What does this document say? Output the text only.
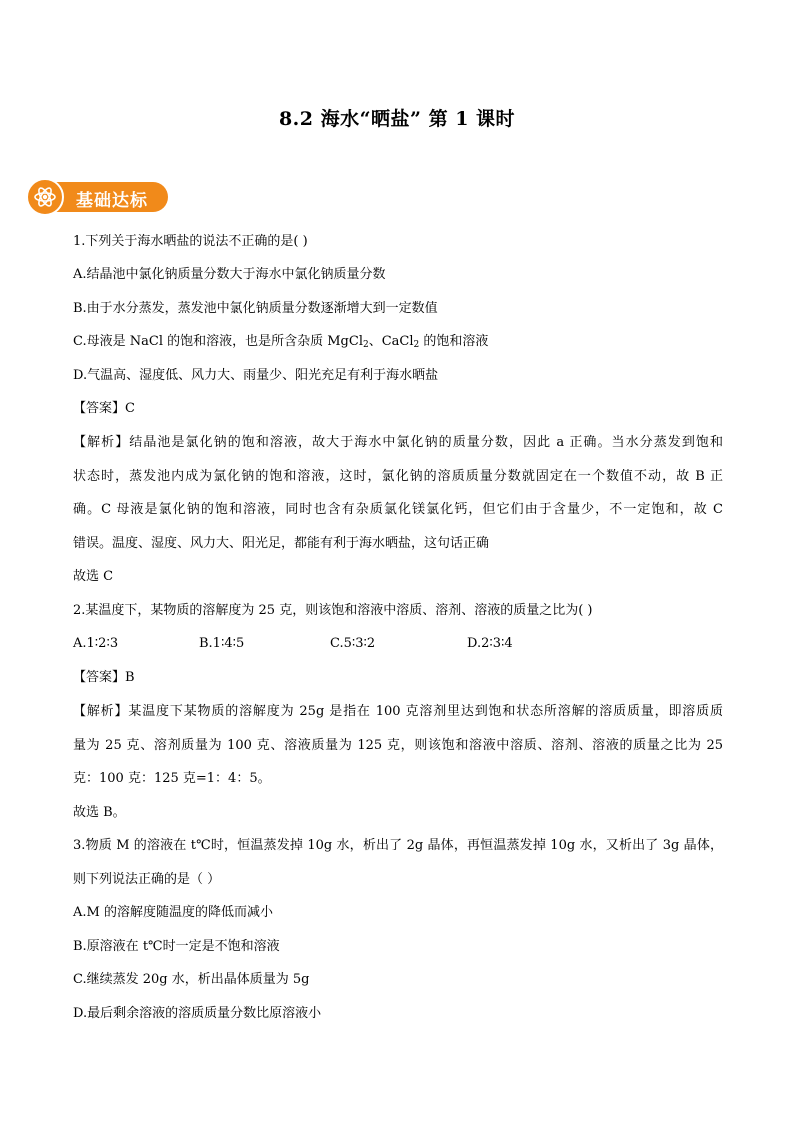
8.2 海水“晒盐” 第 1 课时
基础达标
1.下列关于海水晒盐的说法不正确的是( )
A.结晶池中氯化钠质量分数大于海水中氯化钠质量分数
B.由于水分蒸发，蒸发池中氯化钠质量分数逐渐增大到一定数值
C.母液是 NaCl 的饱和溶液，也是所含杂质 MgCl$_2$、CaCl$_2$ 的饱和溶液
D.气温高、湿度低、风力大、雨量少、阳光充足有利于海水晒盐
【答案】C
【解析】结晶池是氯化钠的饱和溶液，故大于海水中氯化钠的质量分数，因此 a 正确。当水分蒸发到饱和
状态时，蒸发池内成为氯化钠的饱和溶液，这时，氯化钠的溶质质量分数就固定在一个数值不动，故 B 正
确。C 母液是氯化钠的饱和溶液，同时也含有杂质氯化镁氯化钙，但它们由于含量少，不一定饱和，故 C
错误。温度、湿度、风力大、阳光足，都能有利于海水晒盐，这句话正确
故选 C
2.某温度下，某物质的溶解度为 25 克，则该饱和溶液中溶质、溶剂、溶液的质量之比为( )
A.1∶2∶3	B.1∶4∶5	C.5∶3∶2	D.2∶3∶4
【答案】B
【解析】某温度下某物质的溶解度为 25g 是指在 100 克溶剂里达到饱和状态所溶解的溶质质量，即溶质质
量为 25 克、溶剂质量为 100 克、溶液质量为 125 克，则该饱和溶液中溶质、溶剂、溶液的质量之比为 25
克：100 克：125 克=1：4：5。
故选 B。
3.物质 M 的溶液在 t℃时，恒温蒸发掉 10g 水，析出了 2g 晶体，再恒温蒸发掉 10g 水，又析出了 3g 晶体，
则下列说法正确的是（ ）
A.M 的溶解度随温度的降低而减小
B.原溶液在 t℃时一定是不饱和溶液
C.继续蒸发 20g 水，析出晶体质量为 5g
D.最后剩余溶液的溶质质量分数比原溶液小
